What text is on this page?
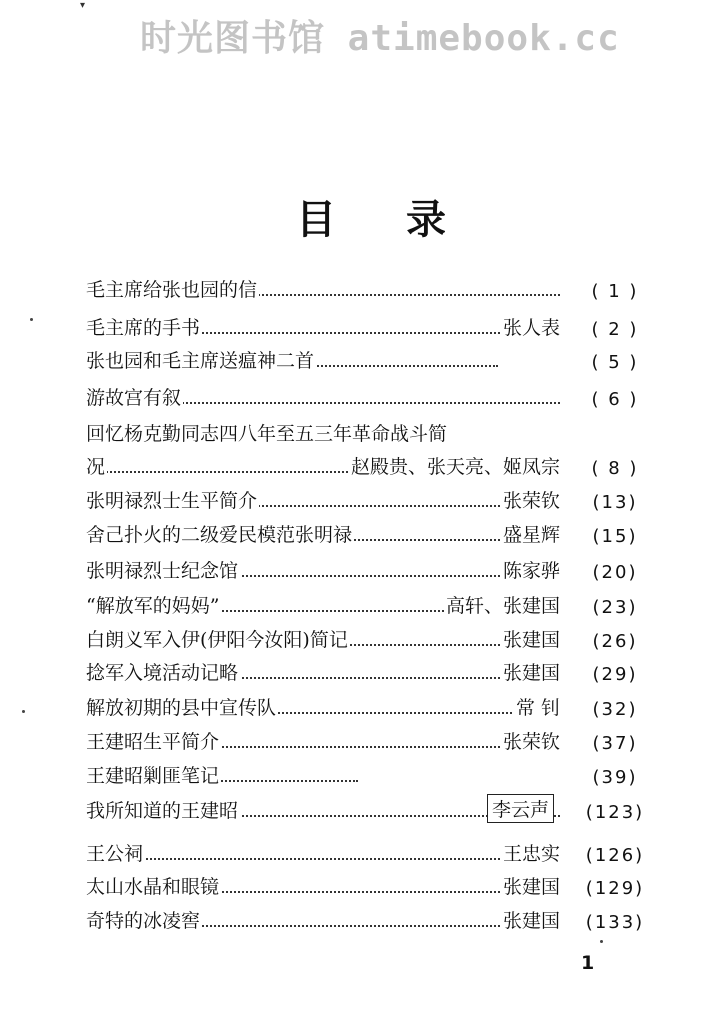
时光图书馆 atimebook.cc
▾
目录
毛主席给张也园的信	( 1 )
毛主席的手书	张人表	( 2 )
张也园和毛主席送瘟神二首	( 5 )
游故宫有叙	( 6 )
回忆杨克勤同志四八年至五三年革命战斗简
况	赵殿贵、张天亮、姬凤宗	( 8 )
张明禄烈士生平简介	张荣钦	(13)
舍己扑火的二级爱民模范张明禄	盛星辉	(15)
张明禄烈士纪念馆	陈家骅	(20)
“解放军的妈妈”	高轩、张建国	(23)
白朗义军入伊(伊阳今汝阳)简记	张建国	(26)
捻军入境活动记略	张建国	(29)
解放初期的县中宣传队	常 钊	(32)
王建昭生平简介	张荣钦	(37)
王建昭剿匪笔记	(39)
我所知道的王建昭	李云声	(123)
王公祠	王忠实	(126)
太山水晶和眼镜	张建国	(129)
奇特的冰凌窖	张建国	(133)
1
